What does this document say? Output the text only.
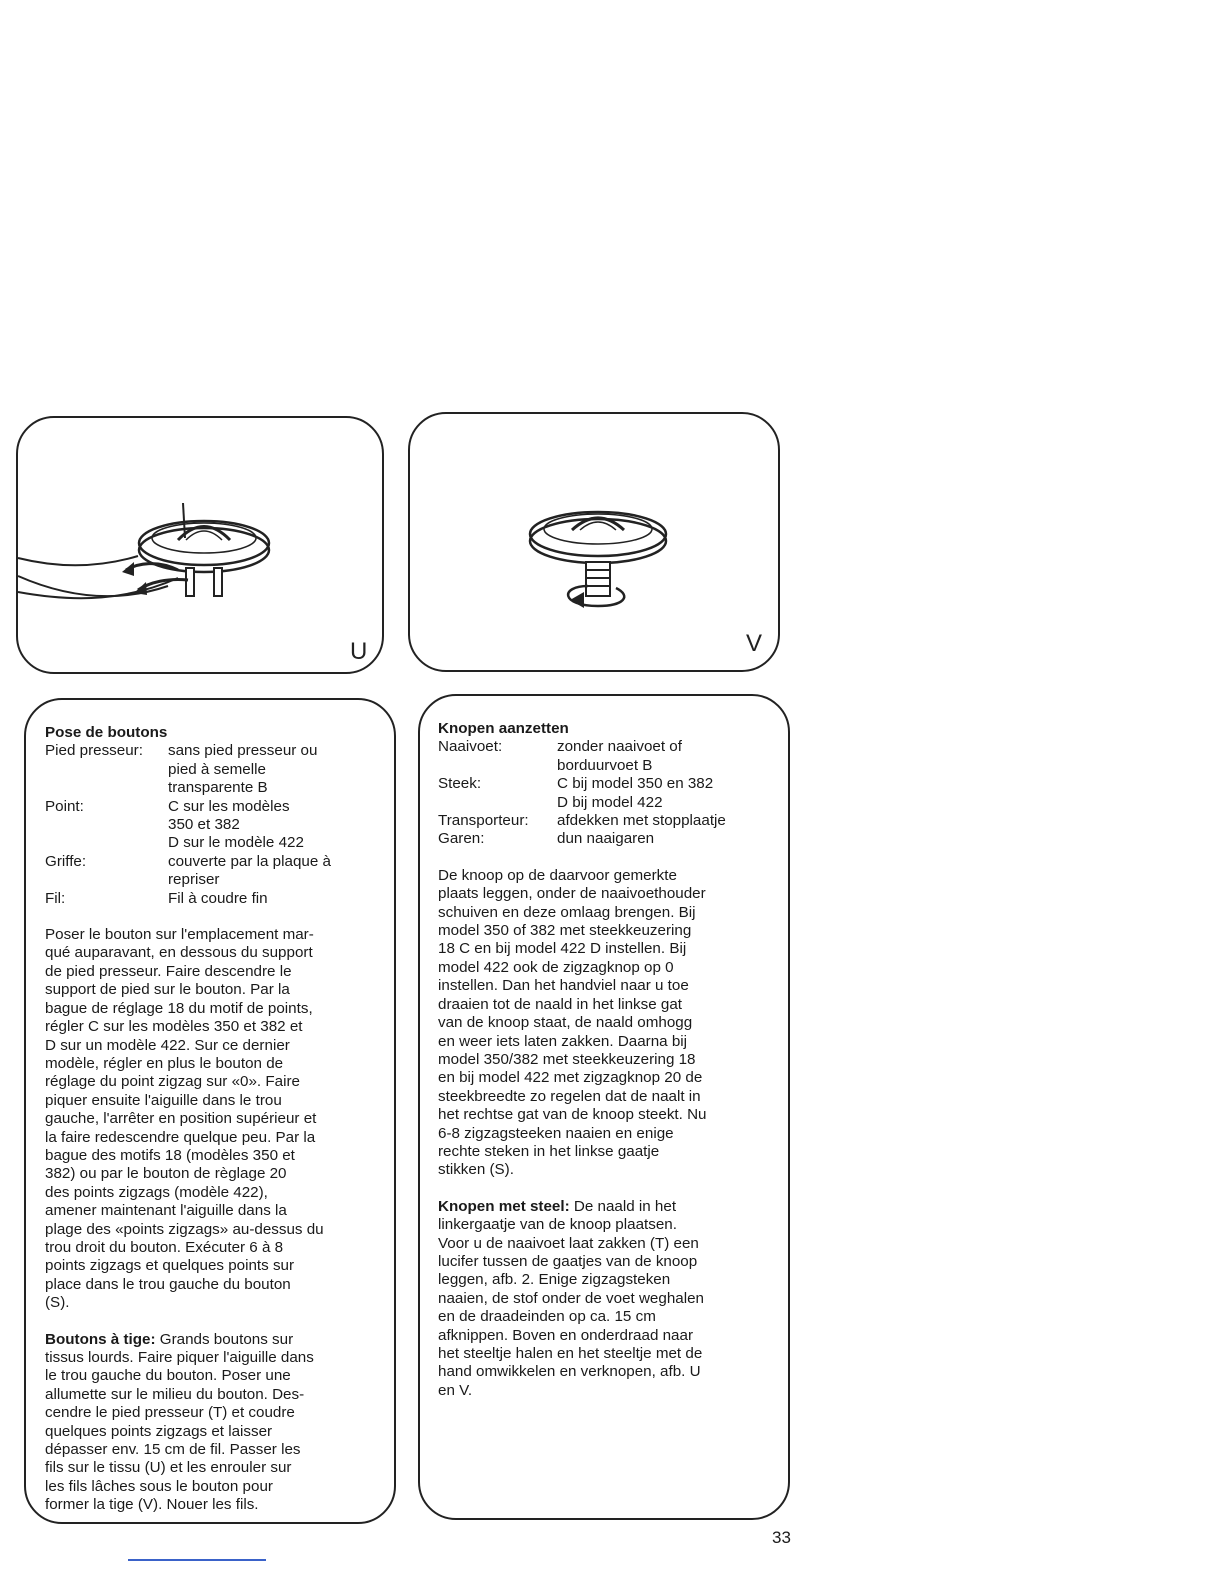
U	V
Pose de boutons
Pied presseur:	sans pied presseur ou
pied à semelle
transparente B
Point:	C sur les modèles
350 et 382
D sur le modèle 422
Griffe:	couverte par la plaque à
repriser
Fil:	Fil à coudre fin
Poser le bouton sur l'emplacement mar-
qué auparavant, en dessous du support
de pied presseur. Faire descendre le
support de pied sur le bouton. Par la
bague de réglage 18 du motif de points,
régler C sur les modèles 350 et 382 et
D sur un modèle 422. Sur ce dernier
modèle, régler en plus le bouton de
réglage du point zigzag sur «0». Faire
piquer ensuite l'aiguille dans le trou
gauche, l'arrêter en position supérieur et
la faire redescendre quelque peu. Par la
bague des motifs 18 (modèles 350 et
382) ou par le bouton de règlage 20
des points zigzags (modèle 422),
amener maintenant l'aiguille dans la
plage des «points zigzags» au-dessus du
trou droit du bouton. Exécuter 6 à 8
points zigzags et quelques points sur
place dans le trou gauche du bouton
(S).
Boutons à tige: Grands boutons sur
tissus lourds. Faire piquer l'aiguille dans
le trou gauche du bouton. Poser une
allumette sur le milieu du bouton. Des-
cendre le pied presseur (T) et coudre
quelques points zigzags et laisser
dépasser env. 15 cm de fil. Passer les
fils sur le tissu (U) et les enrouler sur
les fils lâches sous le bouton pour
former la tige (V). Nouer les fils.
Knopen aanzetten
Naaivoet:	zonder naaivoet of
borduurvoet B
Steek:	C bij model 350 en 382
D bij model 422
Transporteur:	afdekken met stopplaatje
Garen:	dun naaigaren
De knoop op de daarvoor gemerkte
plaats leggen, onder de naaivoethouder
schuiven en deze omlaag brengen. Bij
model 350 of 382 met steekkeuzering
18 C en bij model 422 D instellen. Bij
model 422 ook de zigzagknop op 0
instellen. Dan het handviel naar u toe
draaien tot de naald in het linkse gat
van de knoop staat, de naald omhogg
en weer iets laten zakken. Daarna bij
model 350/382 met steekkeuzering 18
en bij model 422 met zigzagknop 20 de
steekbreedte zo regelen dat de naalt in
het rechtse gat van de knoop steekt. Nu
6-8 zigzagsteeken naaien en enige
rechte steken in het linkse gaatje
stikken (S).
Knopen met steel: De naald in het
linkergaatje van de knoop plaatsen.
Voor u de naaivoet laat zakken (T) een
lucifer tussen de gaatjes van de knoop
leggen, afb. 2. Enige zigzagsteken
naaien, de stof onder de voet weghalen
en de draadeinden op ca. 15 cm
afknippen. Boven en onderdraad naar
het steeltje halen en het steeltje met de
hand omwikkelen en verknopen, afb. U
en V.
33
